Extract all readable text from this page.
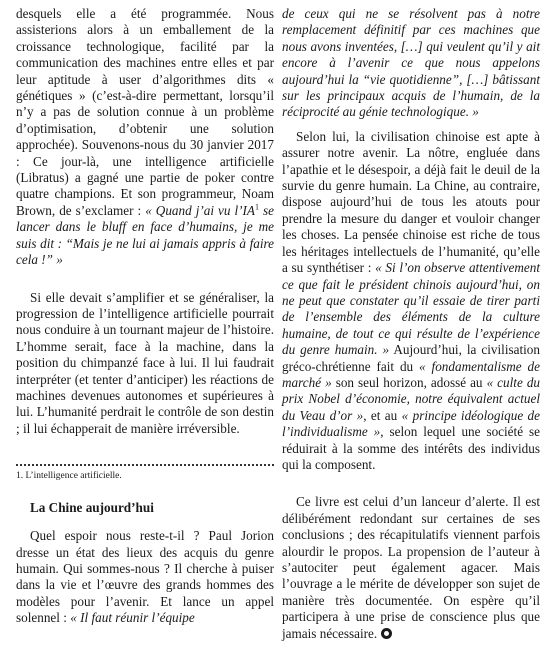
desquels elle a été programmée. Nous assisterions alors à un emballement de la croissance technologique, facilité par la communication des machines entre elles et par leur aptitude à user d’algorithmes dits « génétiques » (c’est-à-dire permettant, lorsqu’il n’y a pas de solution connue à un problème d’optimisation, d’obtenir une solution approchée). Souvenons-nous du 30 janvier 2017 : Ce jour-là, une intelligence artificielle (Libratus) a gagné une partie de poker contre quatre champions. Et son programmeur, Noam Brown, de s’exclamer : « Quand j’ai vu $l’IA^1$ se lancer dans le bluff en face d’humains, je me suis dit : “Mais je ne lui ai jamais appris à faire cela !” »

Si elle devait s’amplifier et se généraliser, la progression de l’intelligence artificielle pourrait nous conduire à un tournant majeur de l’histoire. L’homme serait, face à la machine, dans la position du chimpanzé face à lui. Il lui faudrait interpréter (et tenter d’anticiper) les réactions de machines devenues autonomes et supérieures à lui. L’humanité perdrait le contrôle de son destin ; il lui échapperait de manière irréversible.

1. L’intelligence artificielle.
La Chine aujourd’hui

Quel espoir nous reste-t-il ? Paul Jorion dresse un état des lieux des acquis du genre humain. Qui sommes-nous ? Il cherche à puiser dans la vie et l’œuvre des grands hommes des modèles pour l’avenir. Et lance un appel solennel : « Il faut réunir l’équipe

de ceux qui ne se résolvent pas à notre remplacement définitif par ces machines que nous avons inventées, […] qui veulent qu’il y ait encore à l’avenir ce que nous appelons aujourd’hui la “vie quotidienne”, […] bâtissant sur les principaux acquis de l’humain, de la réciprocité au génie technologique. »

Selon lui, la civilisation chinoise est apte à assurer notre avenir. La nôtre, engluée dans l’apathie et le désespoir, a déjà fait le deuil de la survie du genre humain. La Chine, au contraire, dispose aujourd’hui de tous les atouts pour prendre la mesure du danger et vouloir changer les choses. La pensée chinoise est riche de tous les héritages intellectuels de l’humanité, qu’elle a su synthétiser : « Si l’on observe attentivement ce que fait le président chinois aujourd’hui, on ne peut que constater qu’il essaie de tirer parti de l’ensemble des éléments de la culture humaine, de tout ce qui résulte de l’expérience du genre humain. » Aujourd’hui, la civilisation gréco-chrétienne fait du « fondamentalisme de marché » son seul horizon, adossé au « culte du prix Nobel d’économie, notre équivalent actuel du Veau d’or », et au « principe idéologique de l’individualisme », selon lequel une société se réduirait à la somme des intérêts des individus qui la composent.

Ce livre est celui d’un lanceur d’alerte. Il est délibérément redondant sur certaines de ses conclusions ; des récapitulatifs viennent parfois alourdir le propos. La propension de l’auteur à s’autociter peut également agacer. Mais l’ouvrage a le mérite de développer son sujet de manière très documentée. On espère qu’il participera à une prise de conscience plus que jamais nécessaire.
